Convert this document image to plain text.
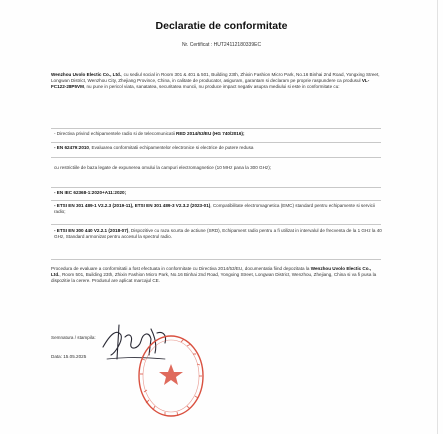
Declaratie de conformitate
Nr. Certificat : HUT24112180339EC
Wenzhou Uvolo Electic Co., Ltd., cu sediul social in Room 301 & 401 & 501, Building 23th, Zhixin Fashion Micro Park, No.16 Binhai 2nd Road, Yongxing Street, Longwan District, Wenzhou City, Zhejiang Province, China, in calitate de producator, asiguram, garantam si declaram pe proprie raspundere ca produsul VL- FC122-28P5VM, nu pune in pericol viata, sanatatea, securitatea muncii, nu produce impact negativ asupra mediului si este in conformitate cu:
- Directiva privind echipamentele radio si de telecomunicatii RED 2014/53/EU (HG 740/2016);
- EN 62479:2010, Evaluarea conformitatii echipamentelor electronice si electrice de putere redusa
cu restrictiile de baza legate de expunerea omului la campuri electromagnetice (10 MHz pana la 300 GHz);
- EN IEC 62368-1:2020+A11:2020;
- ETSI EN 301 489-1 V2.2.3 (2019-11), ETSI EN 301 489-3 V2.3.2 (2023-01), Compatibilitate electromagnetica (EMC) standard pentru echipamente si servicii radio;
- ETSI EN 300 440 V2.2.1 (2018-07), Dispozitive cu raza scurta de actiune (SRD), Echipament radio pentru a fi utilizat in intervalul de frecventa de la 1 GHz la 40 GHz, Standard armonizat pentru accesul la spectrul radio.
Procedura de evaluare a conformitatii a fost efectuata in conformitate cu Directiva 2014/53/EU, documentatia fiind depozitata la Wenzhou Uvolo Electic Co., Ltd., Room 501, Building 23th, Zhixin Fashion Micro Park, No.16 Binhai 2nd Road, Yongxing Street, Longwan District, Wenzhou, Zhejiang, China si va fi pusa la dispozitie la cerere. Produsul are aplicat marcajul CE.
Semnatura / stampila:
Data: 15.05.2025
